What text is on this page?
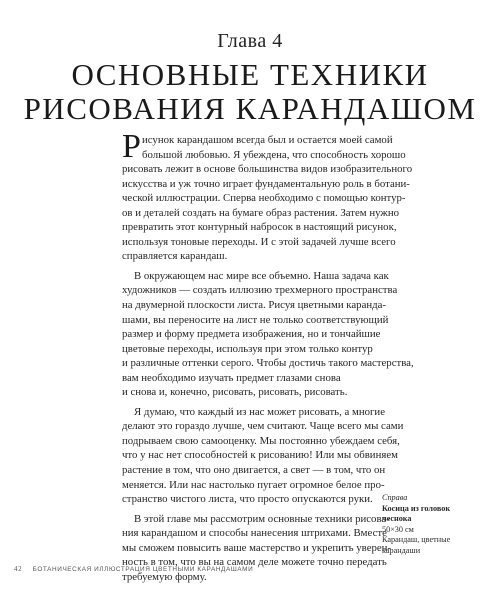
Глава 4
ОСНОВНЫЕ ТЕХНИКИ
РИСОВАНИЯ КАРАНДАШОМ
Р исунок карандашом всегда был и остается моей самой
большой любовью. Я убеждена, что способность хорошо
рисовать лежит в основе большинства видов изобразительного
искусства и уж точно играет фундаментальную роль в ботани-
ческой иллюстрации. Сперва необходимо с помощью контур-
ов и деталей создать на бумаге образ растения. Затем нужно
превратить этот контурный набросок в настоящий рисунок,
используя тоновые переходы. И с этой задачей лучше всего
справляется карандаш.
В окружающем нас мире все объемно. Наша задача как
художников — создать иллюзию трехмерного пространства
на двумерной плоскости листа. Рисуя цветными каранда-
шами, вы переносите на лист не только соответствующий
размер и форму предмета изображения, но и тончайшие
цветовые переходы, используя при этом только контур
и различные оттенки серого. Чтобы достичь такого мастерства,
вам необходимо изучать предмет глазами снова
и снова и, конечно, рисовать, рисовать, рисовать.
Я думаю, что каждый из нас может рисовать, а многие
делают это гораздо лучше, чем считают. Чаще всего мы сами
подрываем свою самооценку. Мы постоянно убеждаем себя,
что у нас нет способностей к рисованию! Или мы обвиняем
растение в том, что оно двигается, а свет — в том, что он
меняется. Или нас настолько пугает огромное белое про-
странство чистого листа, что просто опускаются руки.
В этой главе мы рассмотрим основные техники рисова-
ния карандашом и способы нанесения штрихами. Вместе
мы сможем повысить ваше мастерство и укрепить уверен-
ность в том, что вы на самом деле можете точно передать
требуемую форму.
Справа
Косица из головок
чеснока
50×30 см
Карандаш, цветные
карандаши
42 БОТАНИЧЕСКАЯ ИЛЛЮСТРАЦИЯ ЦВЕТНЫМИ КАРАНДАШАМИ
